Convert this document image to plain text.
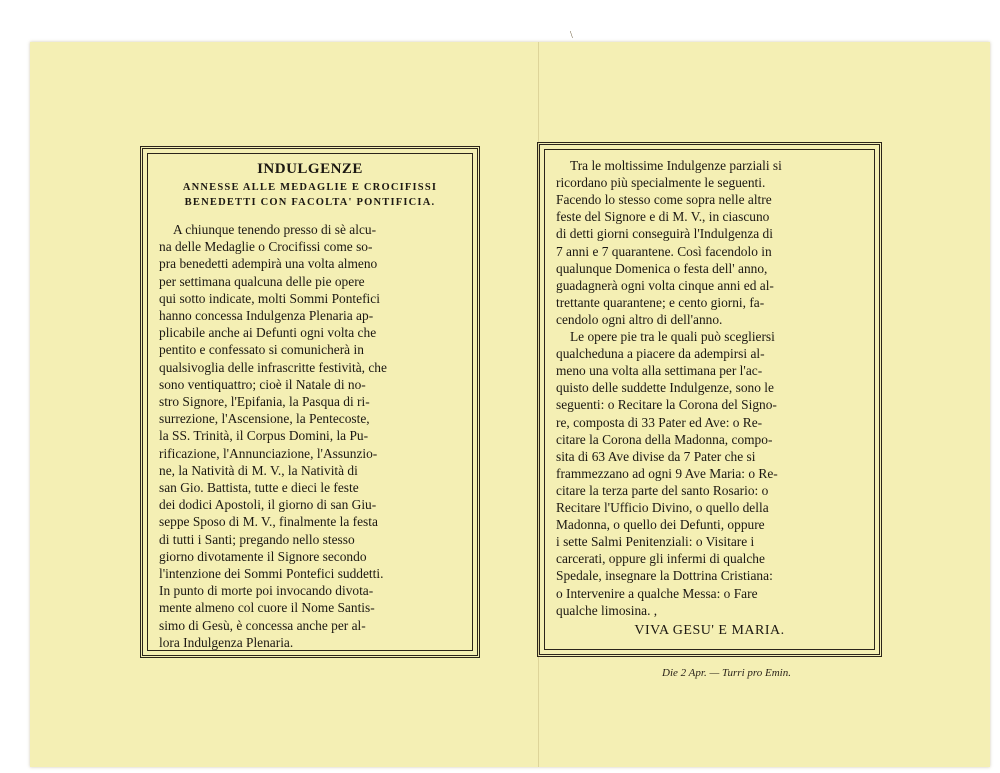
INDULGENZE
ANNESSE ALLE MEDAGLIE E CROCIFISSI
BENEDETTI CON FACOLTA' PONTIFICIA.
A chiunque tenendo presso di sè alcu-
na delle Medaglie o Crocifissi come so-
pra benedetti adempirà una volta almeno
per settimana qualcuna delle pie opere
qui sotto indicate, molti Sommi Pontefici
hanno concessa Indulgenza Plenaria ap-
plicabile anche ai Defunti ogni volta che
pentito e confessato si comunicherà in
qualsivoglia delle infrascritte festività, che
sono ventiquattro; cioè il Natale di no-
stro Signore, l'Epifania, la Pasqua di ri-
surrezione, l'Ascensione, la Pentecoste,
la SS. Trinità, il Corpus Domini, la Pu-
rificazione, l'Annunciazione, l'Assunzio-
ne, la Natività di M. V., la Natività di
san Gio. Battista, tutte e dieci le feste
dei dodici Apostoli, il giorno di san Giu-
seppe Sposo di M. V., finalmente la festa
di tutti i Santi; pregando nello stesso
giorno divotamente il Signore secondo
l'intenzione dei Sommi Pontefici suddetti.
In punto di morte poi invocando divota-
mente almeno col cuore il Nome Santis-
simo di Gesù, è concessa anche per al-
lora Indulgenza Plenaria.
Tra le moltissime Indulgenze parziali si
ricordano più specialmente le seguenti.
Facendo lo stesso come sopra nelle altre
feste del Signore e di M. V., in ciascuno
di detti giorni conseguirà l'Indulgenza di
7 anni e 7 quarantene. Così facendolo in
qualunque Domenica o festa dell' anno,
guadagnerà ogni volta cinque anni ed al-
trettante quarantene; e cento giorni, fa-
cendolo ogni altro di dell'anno.
Le opere pie tra le quali può scegliersi
qualcheduna a piacere da adempirsi al-
meno una volta alla settimana per l'ac-
quisto delle suddette Indulgenze, sono le
seguenti: o Recitare la Corona del Signo-
re, composta di 33 Pater ed Ave: o Re-
citare la Corona della Madonna, compo-
sita di 63 Ave divise da 7 Pater che si
frammezzano ad ogni 9 Ave Maria: o Re-
citare la terza parte del santo Rosario: o
Recitare l'Ufficio Divino, o quello della
Madonna, o quello dei Defunti, oppure
i sette Salmi Penitenziali: o Visitare i
carcerati, oppure gli infermi di qualche
Spedale, insegnare la Dottrina Cristiana:
o Intervenire a qualche Messa: o Fare
qualche limosina. ,
VIVA GESU' E MARIA.
Die 2 Apr. — Turri pro Emin.
\
